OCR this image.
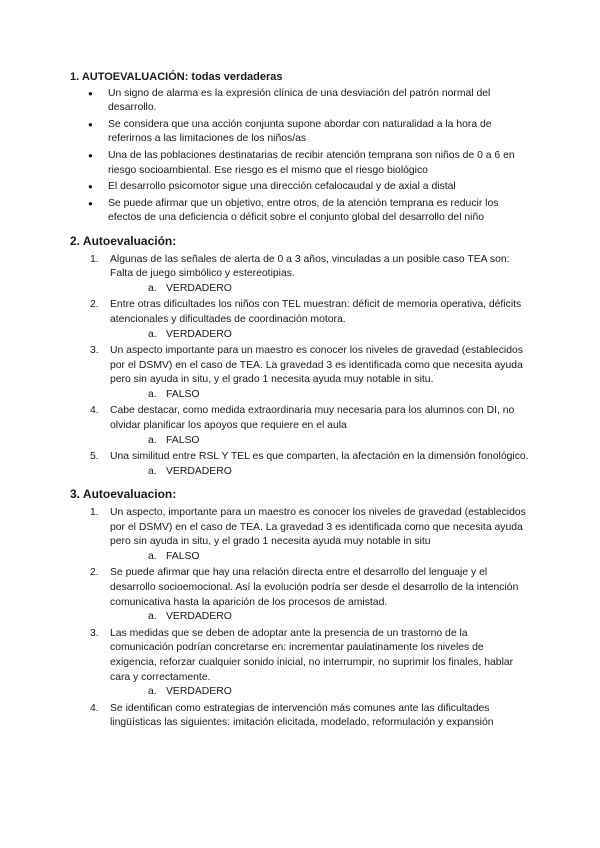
1. AUTOEVALUACIÓN: todas verdaderas
● Un signo de alarma es la expresión clínica de una desviación del patrón normal del desarrollo.
● Se considera que una acción conjunta supone abordar con naturalidad a la hora de referirnos a las limitaciones de los niños/as
● Una de las poblaciones destinatarias de recibir atención temprana son niños de 0 a 6 en riesgo socioambiental. Ese riesgo es el mismo que el riesgo biológico
● El desarrollo psicomotor sigue una dirección cefalocaudal y de axial a distal
● Se puede afirmar que un objetivo, entre otros, de la atención temprana es reducir los efectos de una deficiencia o déficit sobre el conjunto global del desarrollo del niño
2. Autoevaluación:
Algunas de las señales de alerta de 0 a 3 años, vinculadas a un posible caso TEA son: Falta de juego simbólico y estereotipias.
a. VERDADERO
Entre otras dificultades los niños con TEL muestran: déficit de memoria operativa, déficits atencionales y dificultades de coordinación motora.
a. VERDADERO
Un aspecto importante para un maestro es conocer los niveles de gravedad (establecidos por el DSMV) en el caso de TEA. La gravedad 3 es identificada como que necesita ayuda pero sin ayuda in situ, y el grado 1 necesita ayuda muy notable in situ.
a. FALSO
Cabe destacar, como medida extraordinaria muy necesaria para los alumnos con DI, no olvidar planificar los apoyos que requiere en el aula
a. FALSO
Una similitud entre RSL Y TEL es que comparten, la afectación en la dimensión fonológico.
a. VERDADERO
3. Autoevaluacion:
Un aspecto, importante para un maestro es conocer los niveles de gravedad (establecidos por el DSMV) en el caso de TEA. La gravedad 3 es identificada como que necesita ayuda pero sin ayuda in situ, y el grado 1 necesita ayuda muy notable in situ
a. FALSO
Se puede afirmar que hay una relación directa entre el desarrollo del lenguaje y el desarrollo socioemocional. Así la evolución podría ser desde el desarrollo de la intención comunicativa hasta la aparición de los procesos de amistad.
a. VERDADERO
Las medidas que se deben de adoptar ante la presencia de un trastorno de la comunicación podrían concretarse en: incrementar paulatinamente los niveles de exigencia, reforzar cualquier sonido inicial, no interrumpir, no suprimir los finales, hablar cara y correctamente.
a. VERDADERO
Se identifican como estrategias de intervención más comunes ante las dificultades lingüísticas las siguientes: imitación elicitada, modelado, reformulación y expansión
